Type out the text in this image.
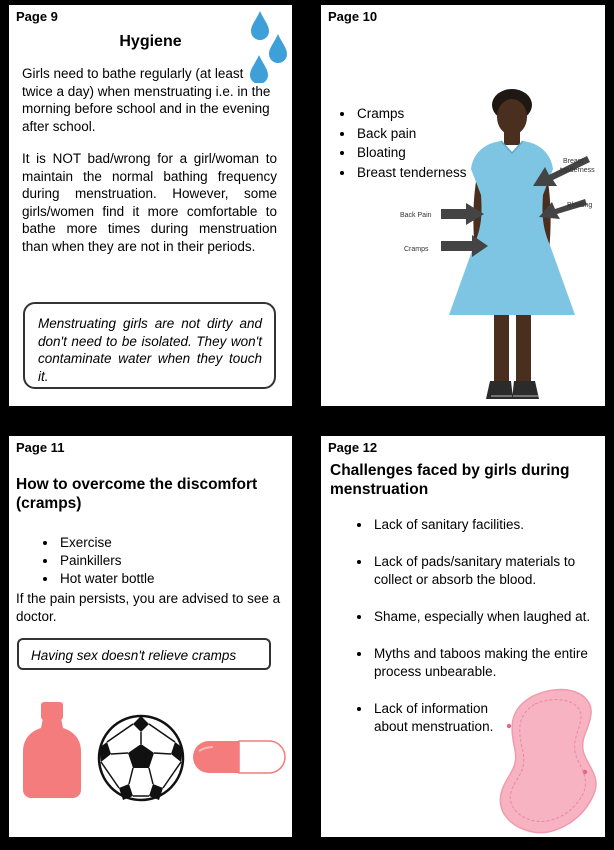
Page 9
Hygiene

Girls need to bathe regularly (at least twice a day) when menstruating i.e. in the morning before school and in the evening after school.

It is NOT bad/wrong for a girl/woman to maintain the normal bathing frequency during menstruation. However, some girls/women find it more comfortable to bathe more times during menstruation than when they are not in their periods.

Menstruating girls are not dirty and don't need to be isolated. They won't contaminate water when they touch it.
Page 10
• Cramps
• Back pain
• Bloating
• Breast tenderness
Breast
tenderness
Bloating
Back Pain
Cramps
Page 11
How to overcome the discomfort (cramps)
• Exercise
• Painkillers
• Hot water bottle

If the pain persists, you are advised to see a doctor.

Having sex doesn't relieve cramps
Page 12
Challenges faced by girls during menstruation
• Lack of sanitary facilities.
• Lack of pads/sanitary materials to collect or absorb the blood.
• Shame, especially when laughed at.
• Myths and taboos making the entire process unbearable.
• Lack of information about menstruation.
